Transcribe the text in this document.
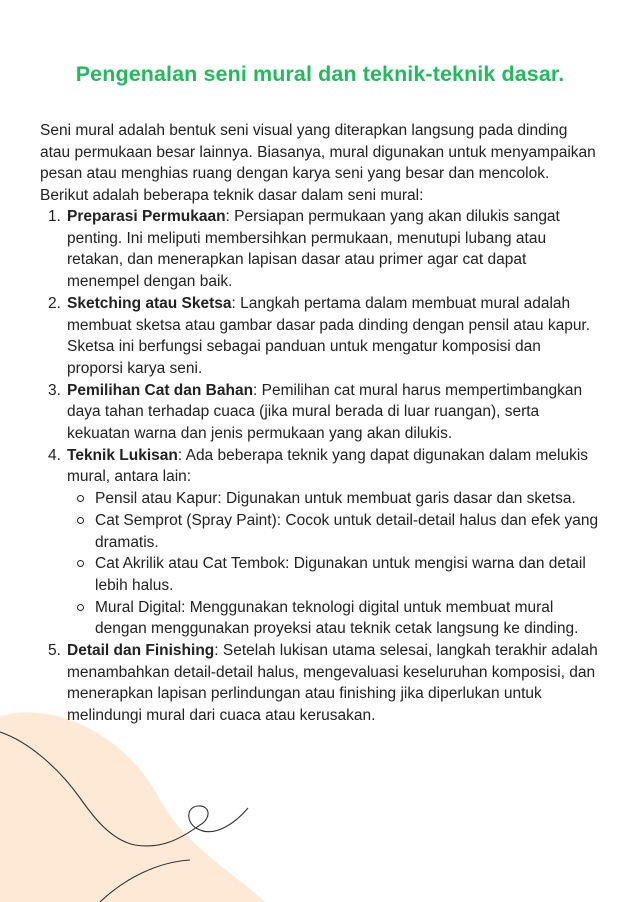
Pengenalan seni mural dan teknik-teknik dasar.

Seni mural adalah bentuk seni visual yang diterapkan langsung pada dinding atau permukaan besar lainnya. Biasanya, mural digunakan untuk menyampaikan pesan atau menghias ruang dengan karya seni yang besar dan mencolok. Berikut adalah beberapa teknik dasar dalam seni mural:

1 . Preparasi Permukaan: Persiapan permukaan yang akan dilukis sangat penting. Ini meliputi membersihkan permukaan, menutupi lubang atau retakan, dan menerapkan lapisan dasar atau primer agar cat dapat menempel dengan baik.
2 . Sketching atau Sketsa: Langkah pertama dalam membuat mural adalah membuat sketsa atau gambar dasar pada dinding dengan pensil atau kapur. Sketsa ini berfungsi sebagai panduan untuk mengatur komposisi dan proporsi karya seni.
3 . Pemilihan Cat dan Bahan: Pemilihan cat mural harus mempertimbangkan daya tahan terhadap cuaca (jika mural berada di luar ruangan), serta kekuatan warna dan jenis permukaan yang akan dilukis.
4 . Teknik Lukisan: Ada beberapa teknik yang dapat digunakan dalam melukis mural, antara lain:
Pensil atau Kapur: Digunakan untuk membuat garis dasar dan sketsa.
Cat Semprot (Spray Paint): Cocok untuk detail-detail halus dan efek yang dramatis.
Cat Akrilik atau Cat Tembok: Digunakan untuk mengisi warna dan detail lebih halus.
Mural Digital: Menggunakan teknologi digital untuk membuat mural dengan menggunakan proyeksi atau teknik cetak langsung ke dinding.
5 . Detail dan Finishing: Setelah lukisan utama selesai, langkah terakhir adalah menambahkan detail-detail halus, mengevaluasi keseluruhan komposisi, dan menerapkan lapisan perlindungan atau finishing jika diperlukan untuk melindungi mural dari cuaca atau kerusakan.
